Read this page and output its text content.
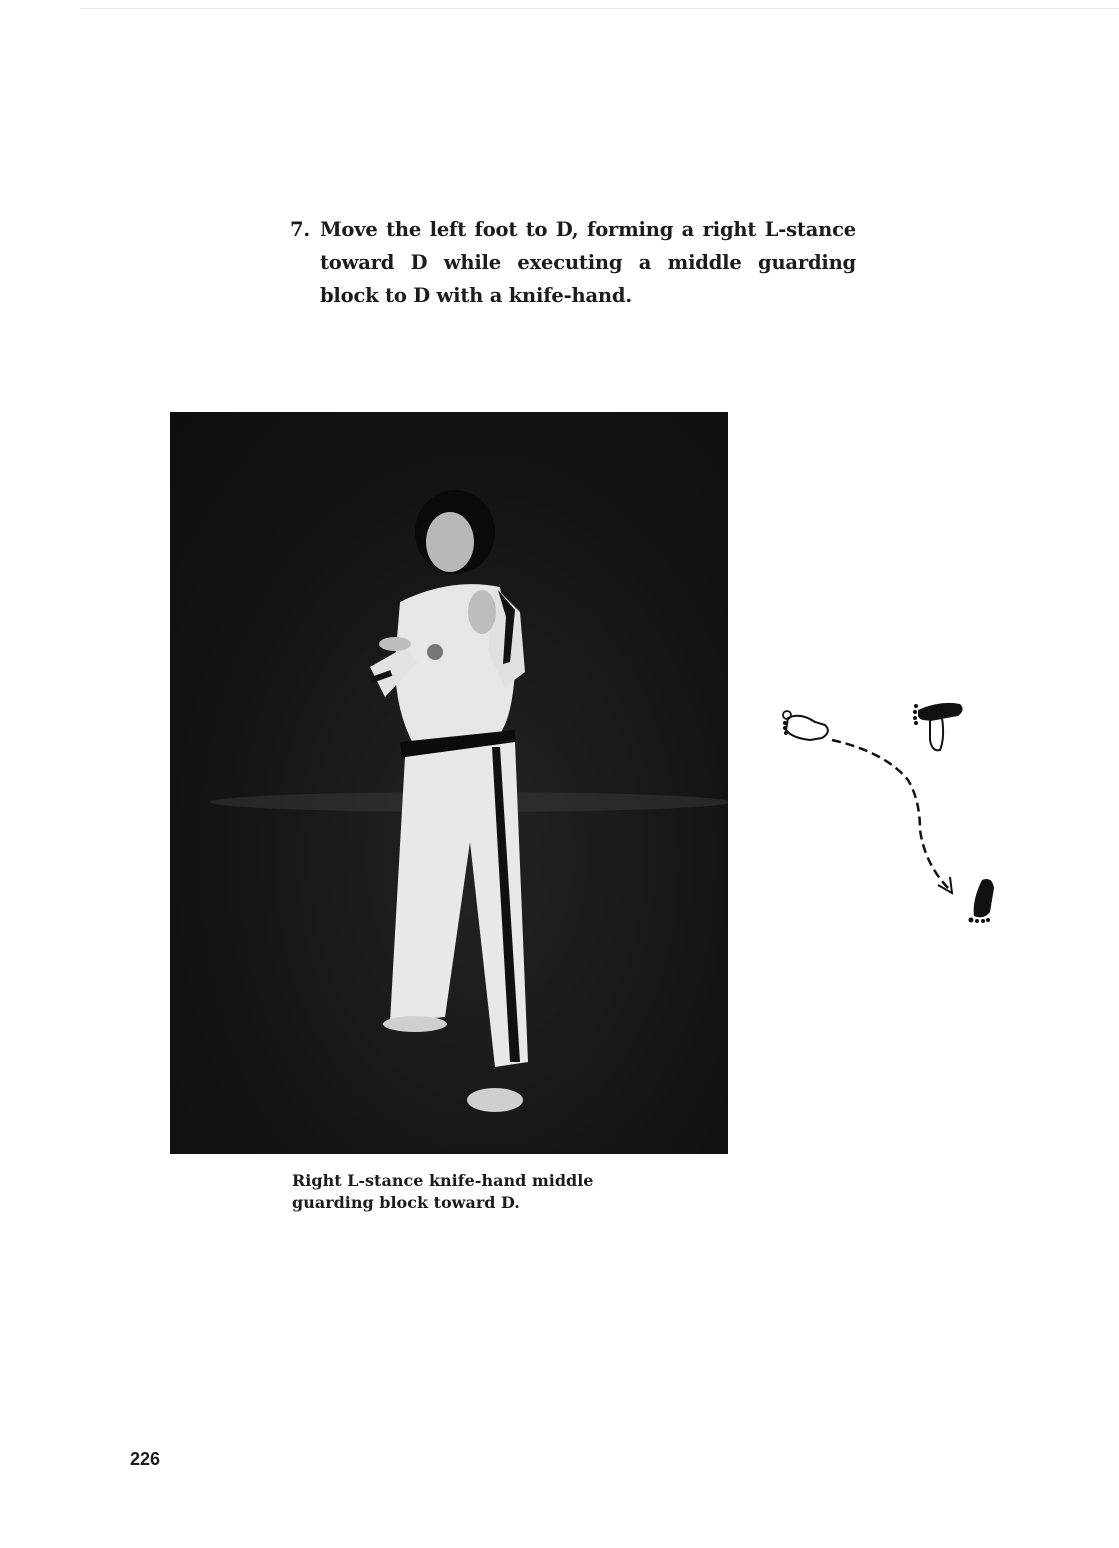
7. Move the left foot to D, forming a right L-stance toward D while executing a middle guarding block to D with a knife-hand.
Right L-stance knife-hand middle
guarding block toward D.
226
